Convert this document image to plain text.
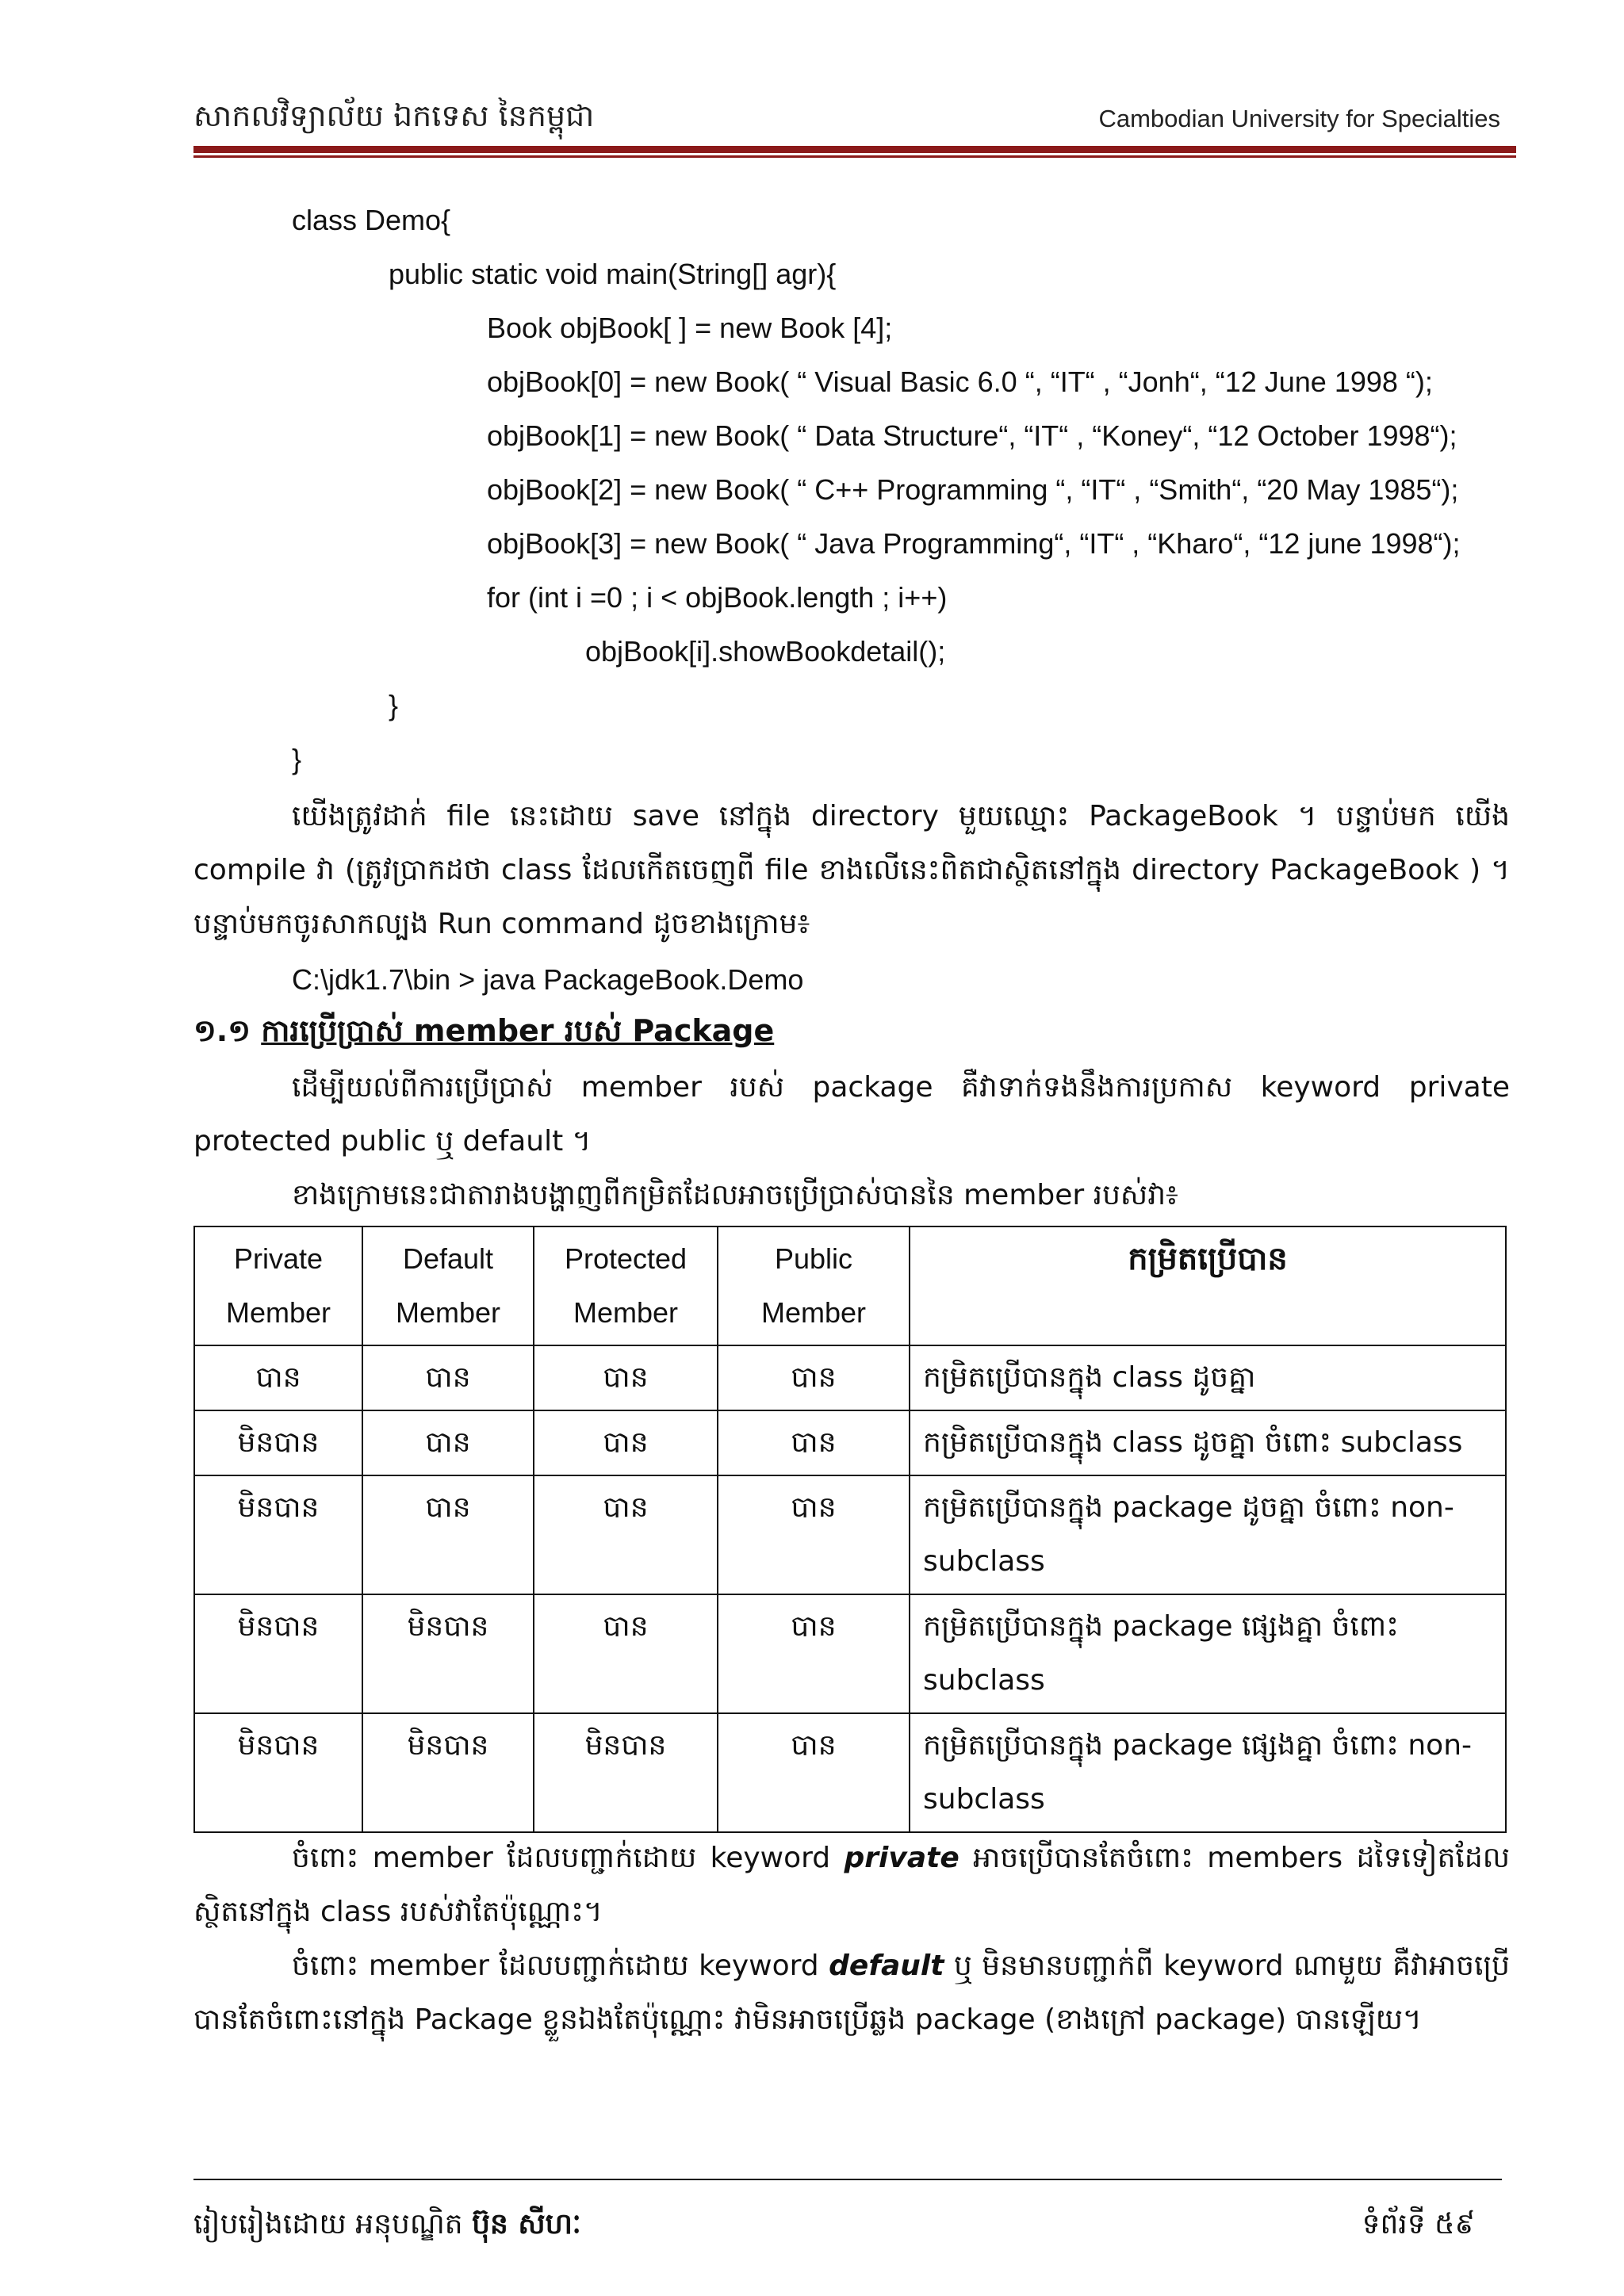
សាកលវិទ្យាល័យ ឯកទេស នៃកម្ពុជា	Cambodian University for Specialties
class Demo{
public static void main(String[] agr){
Book objBook[ ] = new Book [4];
objBook[0] = new Book( “ Visual Basic 6.0 “, “IT“ , “Jonh“, “12 June 1998 “);
objBook[1] = new Book( “ Data Structure“, “IT“ , “Koney“, “12 October 1998“);
objBook[2] = new Book( “ C++ Programming “, “IT“ , “Smith“, “20 May 1985“);
objBook[3] = new Book( “ Java Programming“, “IT“ , “Kharo“, “12 june 1998“);
for (int i =0 ; i < objBook.length ; i++)
objBook[i].showBookdetail();
}
}
យើងត្រូវដាក់ file នេះដោយ save នៅក្នុង directory មួយឈ្មោះ PackageBook ។ បន្ទាប់មក យើង compile វា (ត្រូវប្រាកដថា class ដែលកើតចេញពី file ខាងលើនេះពិតជាស្ថិតនៅក្នុង directory PackageBook ) ។ បន្ទាប់មកចូរសាកល្បង Run command ដូចខាងក្រោម៖
C:\jdk1.7\bin > java PackageBook.Demo
១.១ ការប្រើប្រាស់ member របស់ Package
ដើម្បីយល់ពីការប្រើប្រាស់ member របស់ package គឺវាទាក់ទងនឹងការប្រកាស keyword private protected public ឬ default ។
ខាងក្រោមនេះជាតារាងបង្ហាញពីកម្រិតដែលអាចប្រើប្រាស់បាននៃ member របស់វា៖
Private Member	Default Member	Protected Member	Public Member	កម្រិតប្រើបាន
បាន	បាន	បាន	បាន	កម្រិតប្រើបានក្នុង class ដូចគ្នា
មិនបាន	បាន	បាន	បាន	កម្រិតប្រើបានក្នុង class ដូចគ្នា ចំពោះ subclass
មិនបាន	បាន	បាន	បាន	កម្រិតប្រើបានក្នុង package ដូចគ្នា ចំពោះ non-subclass
មិនបាន	មិនបាន	បាន	បាន	កម្រិតប្រើបានក្នុង package ផ្សេងគ្នា ចំពោះ subclass
មិនបាន	មិនបាន	មិនបាន	បាន	កម្រិតប្រើបានក្នុង package ផ្សេងគ្នា ចំពោះ non-subclass
ចំពោះ member ដែលបញ្ជាក់ដោយ keyword private អាចប្រើបានតែចំពោះ members ដទៃទៀតដែលស្ថិតនៅក្នុង class របស់វាតែប៉ុណ្ណោះ។
ចំពោះ member ដែលបញ្ជាក់ដោយ keyword default ឬ មិនមានបញ្ជាក់ពី keyword ណាមួយ គឺវាអាចប្រើបានតែចំពោះនៅក្នុង Package ខ្លួនឯងតែប៉ុណ្ណោះ វាមិនអាចប្រើឆ្លង package (ខាងក្រៅ package) បានឡើយ។
រៀបរៀងដោយ អនុបណ្ឌិត ប៊ុន សីហៈ	ទំព័រទី ៥៩
